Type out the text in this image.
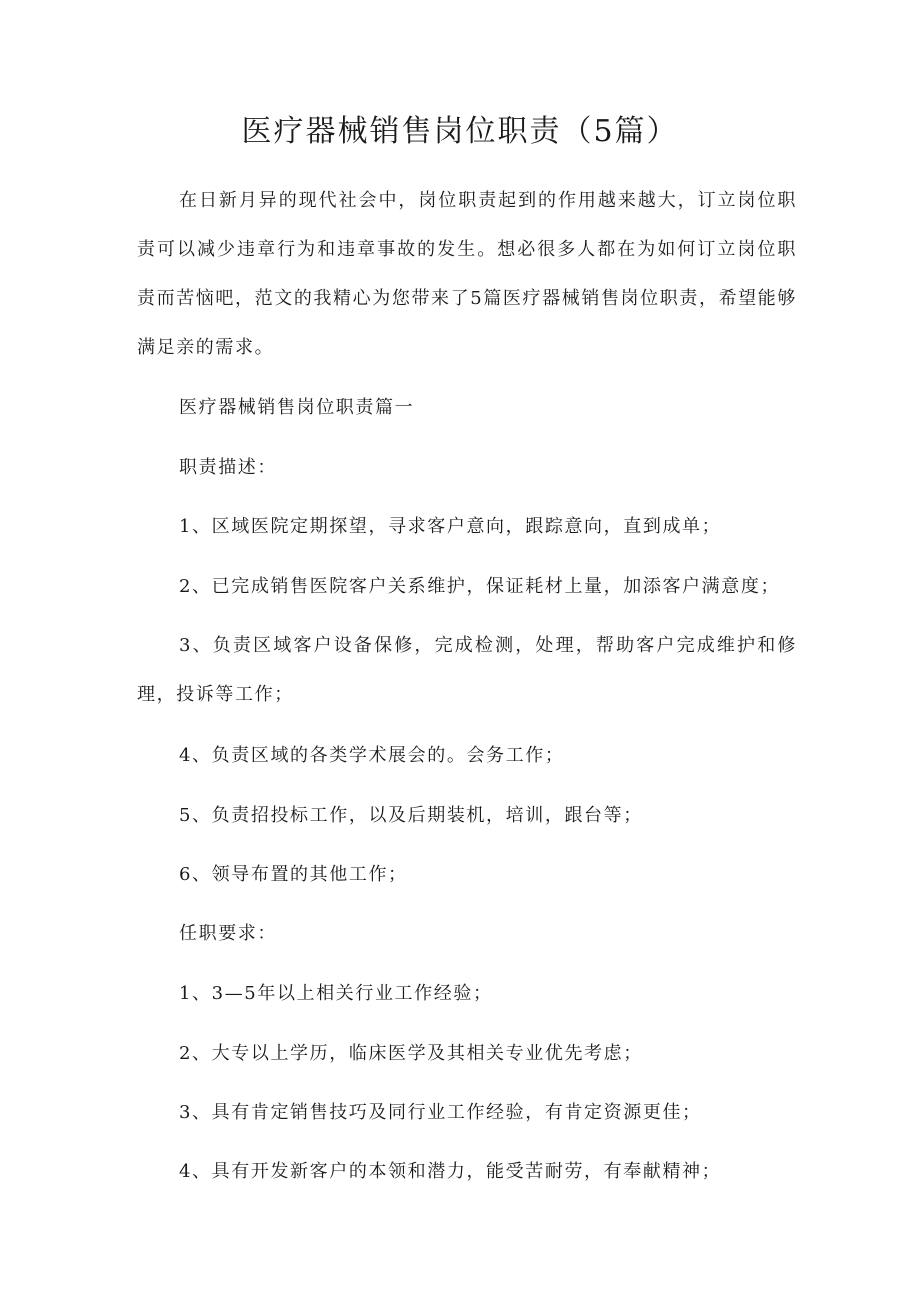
医疗器械销售岗位职责（5篇）

在日新月异的现代社会中，岗位职责起到的作用越来越大，订立岗位职责可以减少违章行为和违章事故的发生。想必很多人都在为如何订立岗位职责而苦恼吧，范文的我精心为您带来了5篇医疗器械销售岗位职责，希望能够满足亲的需求。

医疗器械销售岗位职责篇一

职责描述：

1、区域医院定期探望，寻求客户意向，跟踪意向，直到成单；

2、已完成销售医院客户关系维护，保证耗材上量，加添客户满意度；

3、负责区域客户设备保修，完成检测，处理，帮助客户完成维护和修理，投诉等工作；

4、负责区域的各类学术展会的。会务工作；

5、负责招投标工作，以及后期装机，培训，跟台等；

6、领导布置的其他工作；

任职要求：

1、3—5年以上相关行业工作经验；

2、大专以上学历，临床医学及其相关专业优先考虑；

3、具有肯定销售技巧及同行业工作经验，有肯定资源更佳；

4、具有开发新客户的本领和潜力，能受苦耐劳，有奉献精神；
